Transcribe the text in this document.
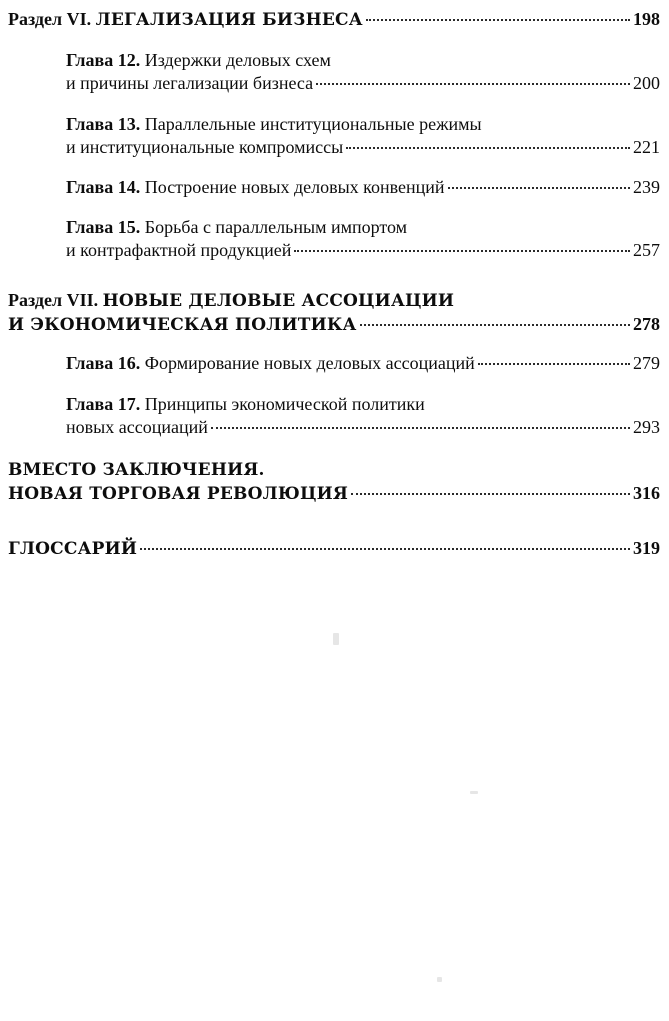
Раздел VI. ЛЕГАЛИЗАЦИЯ БИЗНЕСА	198
Глава 12. Издержки деловых схем
и причины легализации бизнеса	200
Глава 13. Параллельные институциональные режимы
и институциональные компромиссы	221
Глава 14. Построение новых деловых конвенций	239
Глава 15. Борьба с параллельным импортом
и контрафактной продукцией	257
Раздел VII. НОВЫЕ ДЕЛОВЫЕ АССОЦИАЦИИ
И ЭКОНОМИЧЕСКАЯ ПОЛИТИКА	278
Глава 16. Формирование новых деловых ассоциаций	279
Глава 17. Принципы экономической политики
новых ассоциаций	293
ВМЕСТО ЗАКЛЮЧЕНИЯ.
НОВАЯ ТОРГОВАЯ РЕВОЛЮЦИЯ	316
ГЛОССАРИЙ	319
